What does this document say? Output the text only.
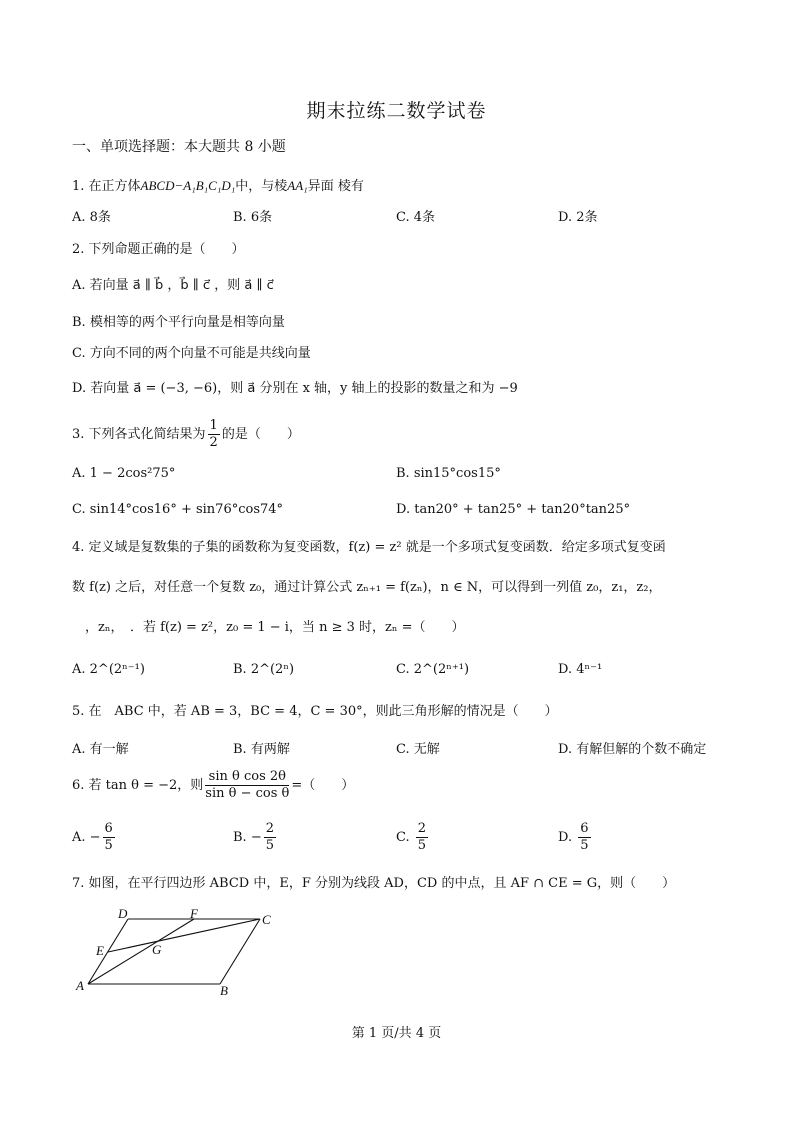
期末拉练二数学试卷
一、单项选择题：本大题共 8 小题
1. 在正方体ABCD−A₁B₁C₁D₁中，与棱AA₁异面 棱有
A. 8条	B. 6条	C. 4条	D. 2条
2. 下列命题正确的是（　　）
A. 若向量 a⃗ ∥ b⃗ ，b⃗ ∥ c⃗ ，则 a⃗ ∥ c⃗
B. 模相等的两个平行向量是相等向量
C. 方向不同的两个向量不可能是共线向量
D. 若向量 a⃗ = (−3, −6)，则 a⃗ 分别在 x 轴，y 轴上的投影的数量之和为 −9
3. 下列各式化简结果为 $\frac{1}{2}$ 的是（　　）
A. 1 − 2cos²75°	B. sin15°cos15°
C. sin14°cos16° + sin76°cos74°	D. tan20° + tan25° + tan20°tan25°
4. 定义域是复数集的子集的函数称为复变函数，f(z) = z² 就是一个多项式复变函数．给定多项式复变函
数 f(z) 之后，对任意一个复数 z₀，通过计算公式 zₙ₊₁ = f(zₙ)，n ∈ N，可以得到一列值 z₀，z₁，z₂，
　，zₙ，　．若 f(z) = z²，z₀ = 1 − i，当 n ≥ 3 时，zₙ =（　　）
A. 2^(2ⁿ⁻¹)	B. 2^(2ⁿ)	C. 2^(2ⁿ⁺¹)	D. 4ⁿ⁻¹
5. 在　ABC 中，若 AB = 3，BC = 4，C = 30°，则此三角形解的情况是（　　）
A. 有一解	B. 有两解	C. 无解	D. 有解但解的个数不确定
6. 若 tan θ = −2，则 $\frac{\text{sin θ cos 2θ}}{\text{sin θ − cos θ}}$ =（　　）
A. − $\frac{6}{5}$	B. − $\frac{2}{5}$	C. $\frac{2}{5}$	D. $\frac{6}{5}$
7. 如图，在平行四边形 ABCD 中，E，F 分别为线段 AD，CD 的中点，且 AF ∩ CE = G，则（　　）
A	B
C
D
E
F
G
第 1 页/共 4 页
